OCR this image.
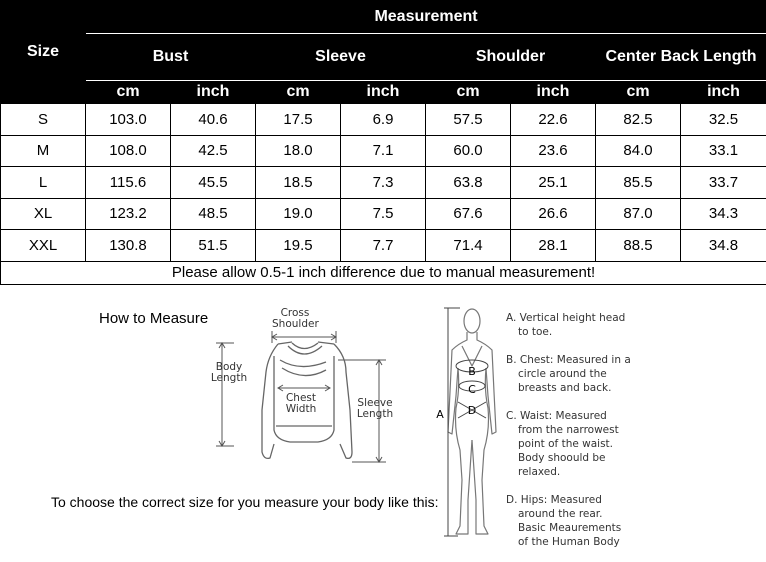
Size	Measurement							
	Bust		Sleeve		Shoulder		Center Back Length	
	cm	inch	cm	inch	cm	inch	cm	inch
S	103.0	40.6	17.5	6.9	57.5	22.6	82.5	32.5
M	108.0	42.5	18.0	7.1	60.0	23.6	84.0	33.1
L	115.6	45.5	18.5	7.3	63.8	25.1	85.5	33.7
XL	123.2	48.5	19.0	7.5	67.6	26.6	87.0	34.3
XXL	130.8	51.5	19.5	7.7	71.4	28.1	88.5	34.8
Please allow 0.5-1 inch difference due to manual measurement!								
How to Measure	Cross
Shoulder
Body
Length
Chest
Width	Sleeve
Length	A
B
C
D
A. Vertical height head
to toe.
B. Chest: Measured in a
circle around the
breasts and back.
C. Waist: Measured
from the narrowest
point of the waist.
Body shoould be
relaxed.
D. Hips: Measured
around the rear.
Basic Meaurements
of the Human Body
To choose the correct size for you measure your body like this:
